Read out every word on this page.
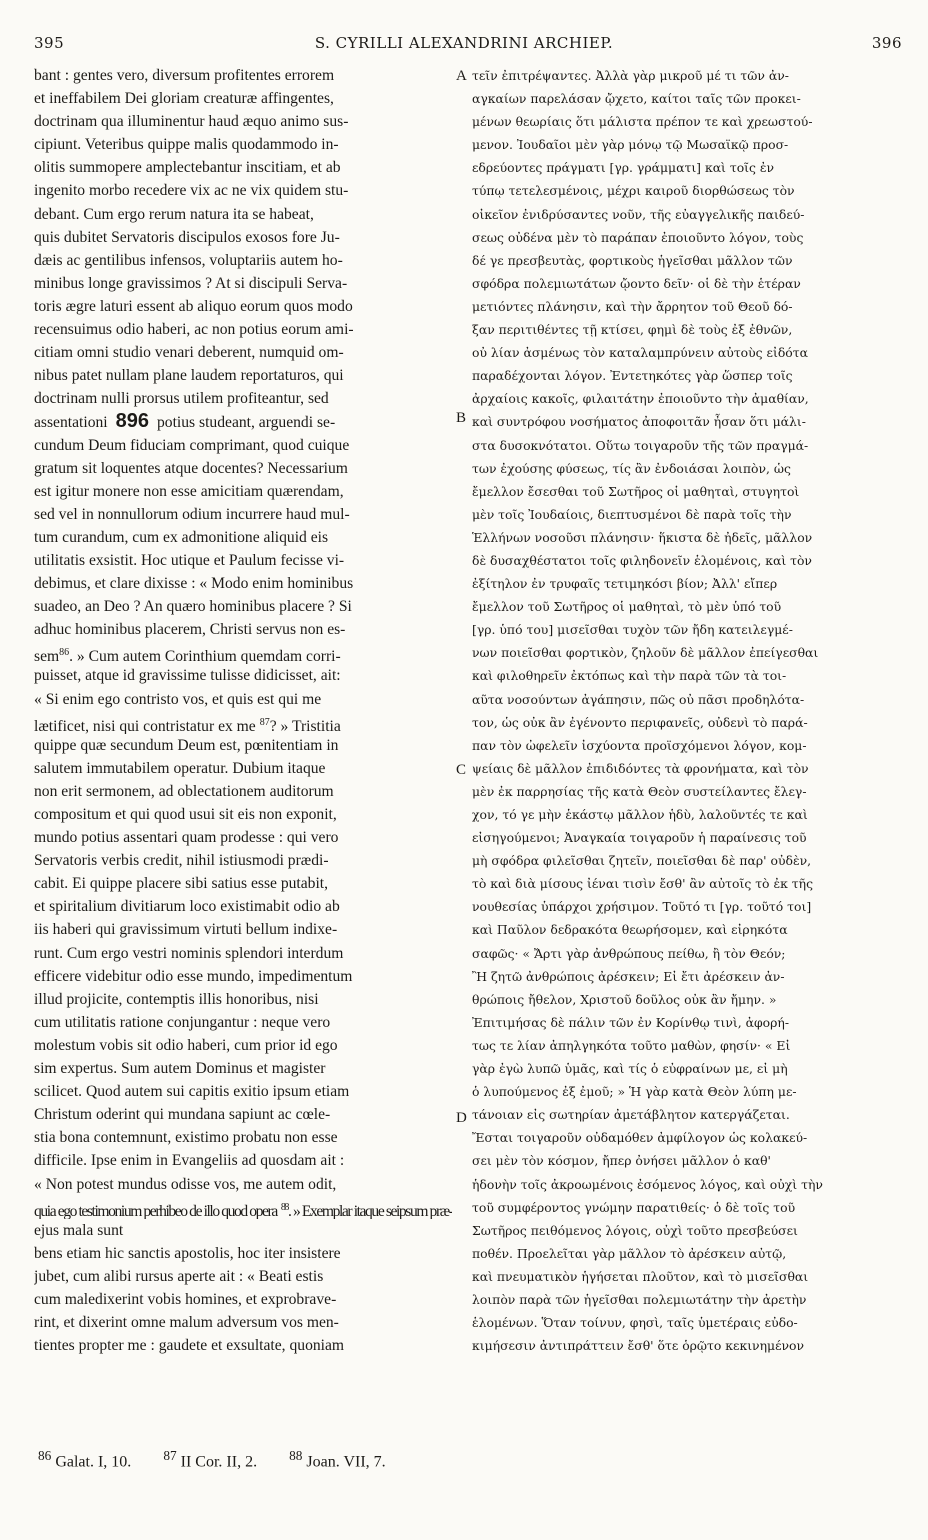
395	S. CYRILLI ALEXANDRINI ARCHIEP.	396
bant : gentes vero, diversum profitentes errorem
et ineffabilem Dei gloriam creaturæ affingentes,
doctrinam qua illuminentur haud æquo animo sus-
cipiunt. Veteribus quippe malis quodammodo in-
olitis summopere amplectebantur inscitiam, et ab
ingenito morbo recedere vix ac ne vix quidem stu-
debant. Cum ergo rerum natura ita se habeat,
quis dubitet Servatoris discipulos exosos fore Ju-
dæis ac gentilibus infensos, voluptariis autem ho-
minibus longe gravissimos ? At si discipuli Serva-
toris ægre laturi essent ab aliquo eorum quos modo
recensuimus odio haberi, ac non potius eorum ami-
citiam omni studio venari deberent, numquid om-
nibus patet nullam plane laudem reportaturos, qui
doctrinam nulli prorsus utilem profiteantur, sed
assentationi 896 potius studeant, arguendi se-
cundum Deum fiduciam comprimant, quod cuique
gratum sit loquentes atque docentes? Necessarium
est igitur monere non esse amicitiam quærendam,
sed vel in nonnullorum odium incurrere haud mul-
tum curandum, cum ex admonitione aliquid eis
utilitatis exsistit. Hoc utique et Paulum fecisse vi-
debimus, et clare dixisse : « Modo enim hominibus
suadeo, an Deo ? An quæro hominibus placere ? Si
adhuc hominibus placerem, Christi servus non es-
sem$^{86}$. » Cum autem Corinthium quemdam corri-
puisset, atque id gravissime tulisse didicisset, ait:
« Si enim ego contristo vos, et quis est qui me
lætificet, nisi qui contristatur ex me $^{87}$? » Tristitia
quippe quæ secundum Deum est, pœnitentiam in
salutem immutabilem operatur. Dubium itaque
non erit sermonem, ad oblectationem auditorum
compositum et qui quod usui sit eis non exponit,
mundo potius assentari quam prodesse : qui vero
Servatoris verbis credit, nihil istiusmodi prædi-
cabit. Ei quippe placere sibi satius esse putabit,
et spiritalium divitiarum loco existimabit odio ab
iis haberi qui gravissimum virtuti bellum indixe-
runt. Cum ergo vestri nominis splendori interdum
efficere videbitur odio esse mundo, impedimentum
illud projicite, contemptis illis honoribus, nisi
cum utilitatis ratione conjungantur : neque vero
molestum vobis sit odio haberi, cum prior id ego
sim expertus. Sum autem Dominus et magister
scilicet. Quod autem sui capitis exitio ipsum etiam
Christum oderint qui mundana sapiunt ac cœle-
stia bona contemnunt, existimo probatu non esse
difficile. Ipse enim in Evangeliis ad quosdam ait :
« Non potest mundus odisse vos, me autem odit,
quia ego testimonium perhibeo de illo quod opera $^{88}$. » Exemplar itaque seipsum præ-
ejus mala sunt
bens etiam hic sanctis apostolis, hoc iter insistere
jubet, cum alibi rursus aperte ait : « Beati estis
cum maledixerint vobis homines, et exprobrave-
rint, et dixerint omne malum adversum vos men-
tientes propter me : gaudete et exsultate, quoniam
τεῖν ἐπιτρέψαντες. Ἀλλὰ γὰρ μικροῦ μέ τι τῶν ἀν-
αγκαίων παρελάσαν ᾤχετο, καίτοι ταῖς τῶν προκει-
μένων θεωρίαις ὅτι μάλιστα πρέπον τε καὶ χρεωστού-
μενον. Ἰουδαῖοι μὲν γὰρ μόνῳ τῷ Μωσαϊκῷ προσ-
εδρεύοντες πράγματι [γρ. γράμματι] καὶ τοῖς ἐν
τύπῳ τετελεσμένοις, μέχρι καιροῦ διορθώσεως τὸν
οἰκεῖον ἐνιδρύσαντες νοῦν, τῆς εὐαγγελικῆς παιδεύ-
σεως οὐδένα μὲν τὸ παράπαν ἐποιοῦντο λόγον, τοὺς
δέ γε πρεσβευτὰς, φορτικοὺς ἡγεῖσθαι μᾶλλον τῶν
σφόδρα πολεμιωτάτων ᾤοντο δεῖν· οἱ δὲ τὴν ἑτέραν
μετιόντες πλάνησιν, καὶ τὴν ἄρρητον τοῦ Θεοῦ δό-
ξαν περιτιθέντες τῇ κτίσει, φημὶ δὲ τοὺς ἐξ ἐθνῶν,
οὐ λίαν ἀσμένως τὸν καταλαμπρύνειν αὐτοὺς εἰδότα
παραδέχονται λόγον. Ἐντετηκότες γὰρ ὥσπερ τοῖς
ἀρχαίοις κακοῖς, φιλαιτάτην ἐποιοῦντο τὴν ἀμαθίαν,
καὶ συντρόφου νοσήματος ἀποφοιτᾶν ἦσαν ὅτι μάλι-
στα δυσοκνότατοι. Οὕτω τοιγαροῦν τῆς τῶν πραγμά-
των ἐχούσης φύσεως, τίς ἂν ἐνδοιάσαι λοιπὸν, ὡς
ἔμελλον ἔσεσθαι τοῦ Σωτῆρος οἱ μαθηταὶ, στυγητοὶ
μὲν τοῖς Ἰουδαίοις, διεπτυσμένοι δὲ παρὰ τοῖς τὴν
Ἑλλήνων νοσοῦσι πλάνησιν· ἥκιστα δὲ ἠδεῖς, μᾶλλον
δὲ δυσαχθέστατοι τοῖς φιληδονεῖν ἑλομένοις, καὶ τὸν
ἐξίτηλον ἐν τρυφαῖς τετιμηκόσι βίον; Ἀλλ' εἴπερ
ἔμελλον τοῦ Σωτῆρος οἱ μαθηταὶ, τὸ μὲν ὑπό τοῦ
[γρ. ὑπό του] μισεῖσθαι τυχὸν τῶν ἤδη κατειλεγμέ-
νων ποιεῖσθαι φορτικὸν, ζηλοῦν δὲ μᾶλλον ἐπείγεσθαι
καὶ φιλοθηρεῖν ἐκτόπως καὶ τὴν παρὰ τῶν τὰ τοι-
αῦτα νοσούντων ἀγάπησιν, πῶς οὐ πᾶσι προδηλότα-
τον, ὡς οὐκ ἂν ἐγένοντο περιφανεῖς, οὐδενὶ τὸ παρά-
παν τὸν ὠφελεῖν ἰσχύοντα προϊσχόμενοι λόγον, κομ-
ψείαις δὲ μᾶλλον ἐπιδιδόντες τὰ φρονήματα, καὶ τὸν
μὲν ἐκ παρρησίας τῆς κατὰ Θεὸν συστείλαντες ἔλεγ-
χον, τό γε μὴν ἑκάστῳ μᾶλλον ἡδὺ, λαλοῦντές τε καὶ
εἰσηγούμενοι; Ἀναγκαία τοιγαροῦν ἡ παραίνεσις τοῦ
μὴ σφόδρα φιλεῖσθαι ζητεῖν, ποιεῖσθαι δὲ παρ' οὐδὲν,
τὸ καὶ διὰ μίσους ἰέναι τισὶν ἔσθ' ἂν αὐτοῖς τὸ ἐκ τῆς
νουθεσίας ὑπάρχοι χρήσιμον. Τοῦτό τι [γρ. τοῦτό τοι]
καὶ Παῦλον δεδρακότα θεωρήσομεν, καὶ εἰρηκότα
σαφῶς· « Ἄρτι γὰρ ἀνθρώπους πείθω, ἢ τὸν Θεόν;
Ἢ ζητῶ ἀνθρώποις ἀρέσκειν; Εἰ ἔτι ἀρέσκειν ἀν-
θρώποις ἤθελον, Χριστοῦ δοῦλος οὐκ ἂν ἤμην. »
Ἐπιτιμήσας δὲ πάλιν τῶν ἐν Κορίνθῳ τινὶ, ἀφορή-
τως τε λίαν ἀπηλγηκότα τοῦτο μαθὼν, φησίν· « Εἰ
γὰρ ἐγὼ λυπῶ ὑμᾶς, καὶ τίς ὁ εὐφραίνων με, εἰ μὴ
ὁ λυπούμενος ἐξ ἐμοῦ; » Ἡ γὰρ κατὰ Θεὸν λύπη με-
τάνοιαν εἰς σωτηρίαν ἀμετάβλητον κατεργάζεται.
Ἔσται τοιγαροῦν οὐδαμόθεν ἀμφίλογον ὡς κολακεύ-
σει μὲν τὸν κόσμον, ἤπερ ὀνήσει μᾶλλον ὁ καθ'
ἡδονὴν τοῖς ἀκροωμένοις ἐσόμενος λόγος, καὶ οὐχὶ τὴν
τοῦ συμφέροντος γνώμην παρατιθείς· ὁ δὲ τοῖς τοῦ
Σωτῆρος πειθόμενος λόγοις, οὐχὶ τοῦτο πρεσβεύσει
ποθέν. Προελεῖται γὰρ μᾶλλον τὸ ἀρέσκειν αὐτῷ,
καὶ πνευματικὸν ἡγήσεται πλοῦτον, καὶ τὸ μισεῖσθαι
λοιπὸν παρὰ τῶν ἡγεῖσθαι πολεμιωτάτην τὴν ἀρετὴν
ἑλομένων. Ὅταν τοίνυν, φησὶ, ταῖς ὑμετέραις εὐδο-
κιμήσεσιν ἀντιπράττειν ἔσθ' ὅτε ὁρῷτο κεκινημένον
A
B
C
D
$^{86}$ Galat. I, 10. $^{87}$ II Cor. II, 2. $^{88}$ Joan. VII, 7.
